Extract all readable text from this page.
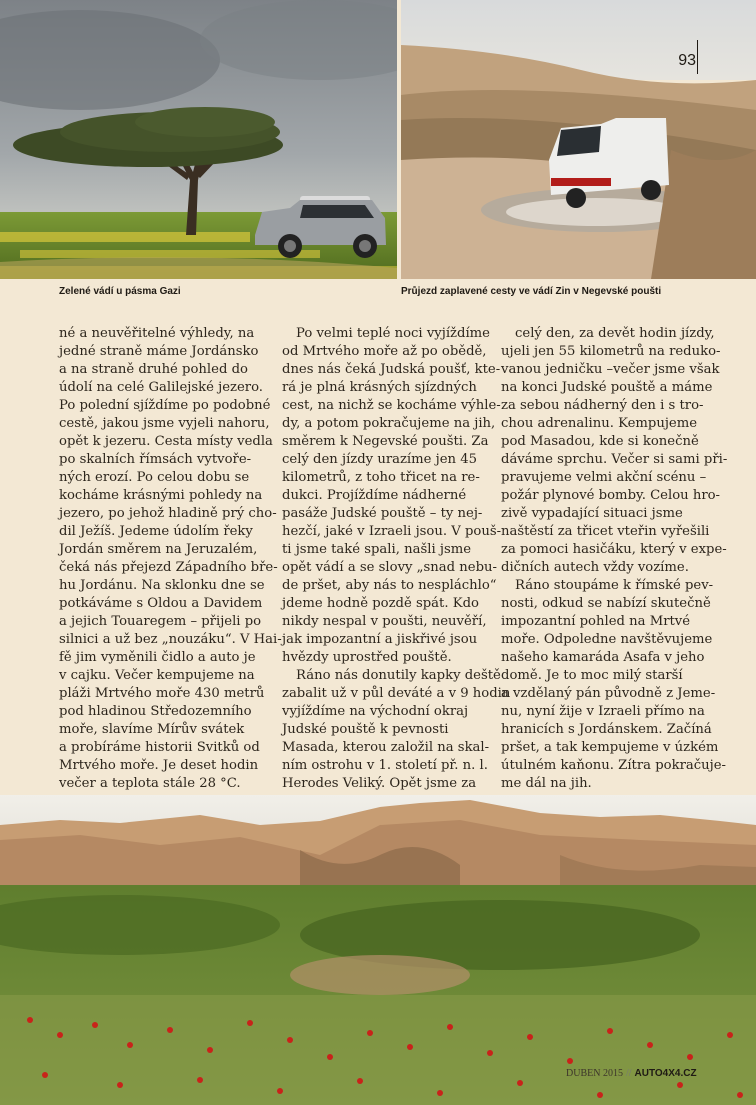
93
Zelené vádí u pásma Gazi	Průjezd zaplavené cesty ve vádí Zin v Negevské poušti

né a neuvěřitelné výhledy, na
jedné straně máme Jordánsko
a na straně druhé pohled do
údolí na celé Galilejské jezero.
Po polední sjíždíme po podobné
cestě, jakou jsme vyjeli nahoru,
opět k jezeru. Cesta místy vedla
po skalních římsách vytvoře-
ných erozí. Po celou dobu se
kocháme krásnými pohledy na
jezero, po jehož hladině prý cho-
dil Ježíš. Jedeme údolím řeky
Jordán směrem na Jeruzalém,
čeká nás přejezd Západního bře-
hu Jordánu. Na sklonku dne se
potkáváme s Oldou a Davidem
a jejich Touaregem – přijeli po
silnici a už bez „nouzáku“. V Hai-
fě jim vyměnili čidlo a auto je
v cajku. Večer kempujeme na
pláži Mrtvého moře 430 metrů
pod hladinou Středozemního
moře, slavíme Mírův svátek
a probíráme historii Svitků od
Mrtvého moře. Je deset hodin
večer a teplota stále 28 °C.

Po velmi teplé noci vyjíždíme
od Mrtvého moře až po obědě,
dnes nás čeká Judská poušť, kte-
rá je plná krásných sjízdných
cest, na nichž se kocháme výhle-
dy, a potom pokračujeme na jih,
směrem k Negevské poušti. Za
celý den jízdy urazíme jen 45
kilometrů, z toho třicet na re-
dukci. Projíždíme nádherné
pasáže Judské pouště – ty nej-
hezčí, jaké v Izraeli jsou. V pouš-
ti jsme také spali, našli jsme
opět vádí a se slovy „snad nebu-
de pršet, aby nás to nespláchlo“
jdeme hodně pozdě spát. Kdo
nikdy nespal v poušti, neuvěří,
jak impozantní a jiskřivé jsou
hvězdy uprostřed pouště.

Ráno nás donutily kapky deště
zabalit už v půl deváté a v 9 hodin
vyjíždíme na východní okraj
Judské pouště k pevnosti
Masada, kterou založil na skal-
ním ostrohu v 1. století př. n. l.
Herodes Veliký. Opět jsme za

celý den, za devět hodin jízdy,
ujeli jen 55 kilometrů na reduko-
vanou jedničku –večer jsme však
na konci Judské pouště a máme
za sebou nádherný den i s tro-
chou adrenalinu. Kempujeme
pod Masadou, kde si konečně
dáváme sprchu. Večer si sami při-
pravujeme velmi akční scénu –
požár plynové bomby. Celou hro-
zivě vypadající situaci jsme
naštěstí za třicet vteřin vyřešili
za pomoci hasičáku, který v expe-
dičních autech vždy vozíme.

Ráno stoupáme k římské pev-
nosti, odkud se nabízí skutečně
impozantní pohled na Mrtvé
moře. Odpoledne navštěvujeme
našeho kamaráda Asafa v jeho
domě. Je to moc milý starší
a vzdělaný pán původně z Jeme-
nu, nyní žije v Izraeli přímo na
hranicích s Jordánskem. Začíná
pršet, a tak kempujeme v úzkém
útulném kaňonu. Zítra pokračuje-
me dál na jih.

DUBEN 2015 // AUTO4X4.CZ
